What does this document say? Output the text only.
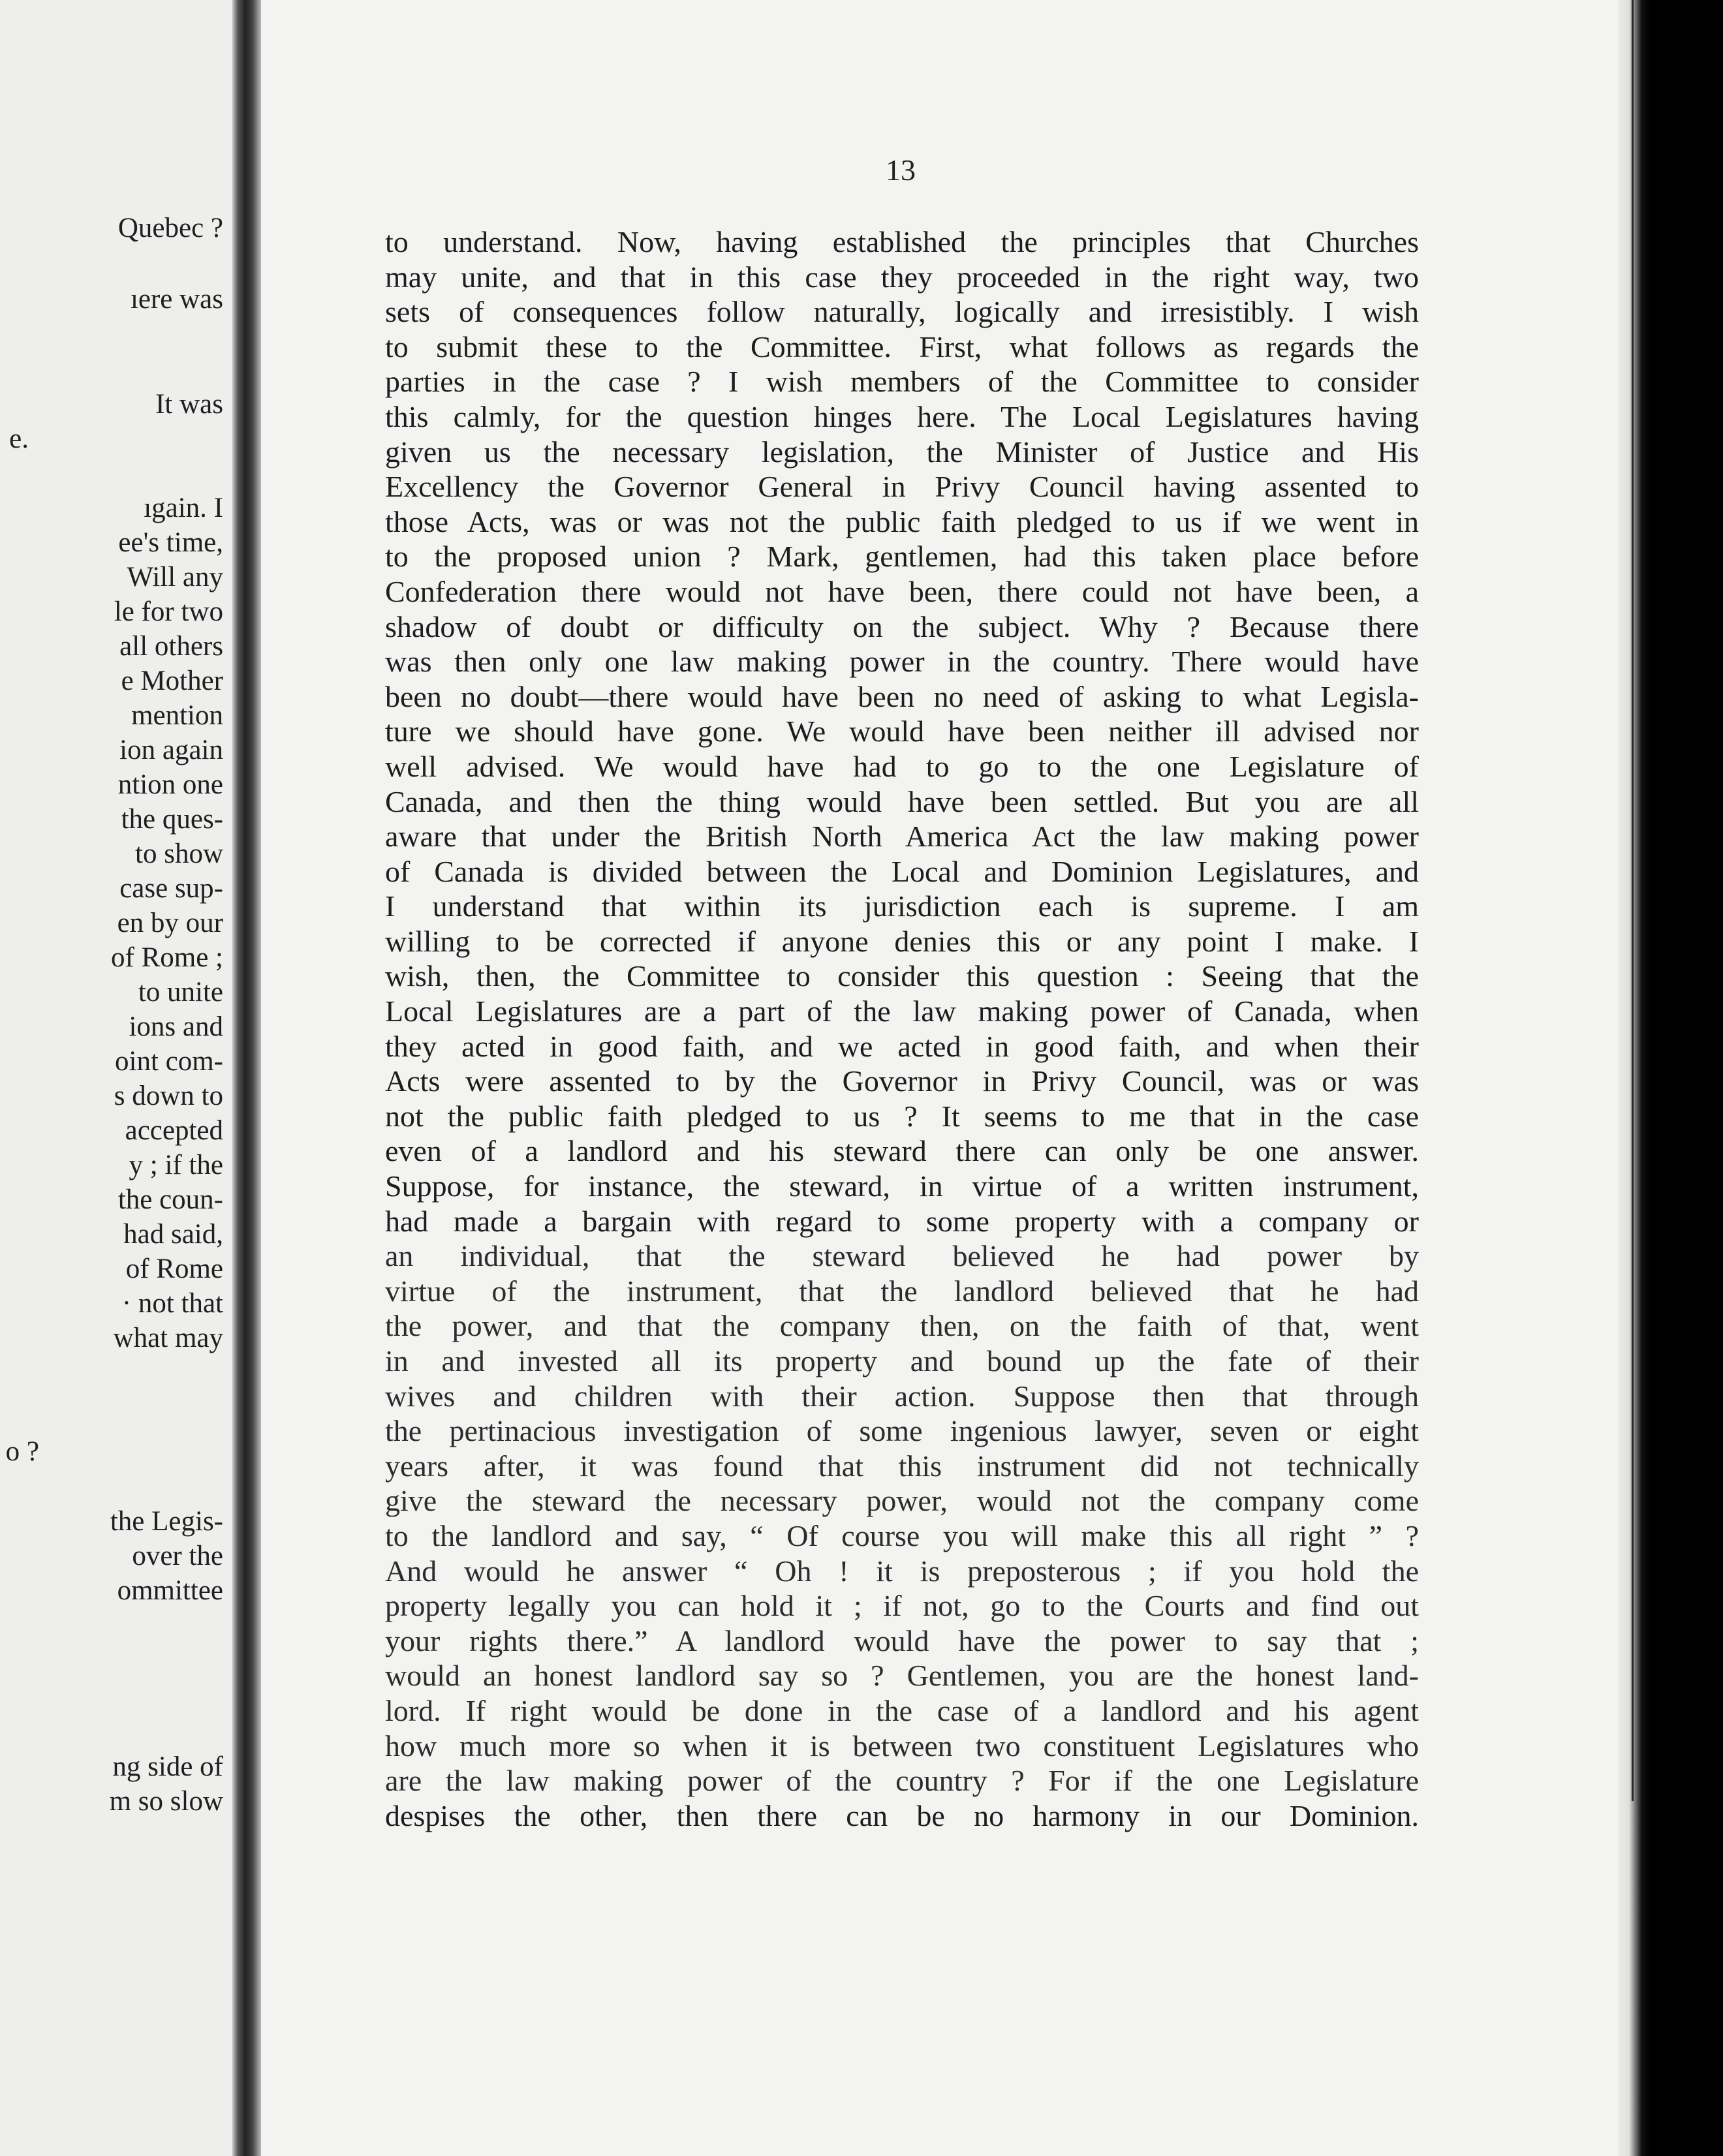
Quebec ?
ıere was
It was
e.
ıgain. I
ee's time,
Will any
le for two
all others
e Mother
mention
ion again
ntion one
the ques-
to show
case sup-
en by our
of Rome ;
to unite
ions and
oint com-
s down to
accepted
y ; if the
the coun-
had said,
of Rome
· not that
what may
o ?
the Legis-
over the
ommittee
ng side of
m so slow
13
to understand. Now, having established the principles that Churches
may unite, and that in this case they proceeded in the right way, two
sets of consequences follow naturally, logically and irresistibly. I wish
to submit these to the Committee. First, what follows as regards the
parties in the case ? I wish members of the Committee to consider
this calmly, for the question hinges here. The Local Legislatures having
given us the necessary legislation, the Minister of Justice and His
Excellency the Governor General in Privy Council having assented to
those Acts, was or was not the public faith pledged to us if we went in
to the proposed union ? Mark, gentlemen, had this taken place before
Confederation there would not have been, there could not have been, a
shadow of doubt or difficulty on the subject. Why ? Because there
was then only one law making power in the country. There would have
been no doubt—there would have been no need of asking to what Legisla-
ture we should have gone. We would have been neither ill advised nor
well advised. We would have had to go to the one Legislature of
Canada, and then the thing would have been settled. But you are all
aware that under the British North America Act the law making power
of Canada is divided between the Local and Dominion Legislatures, and
I understand that within its jurisdiction each is supreme. I am
willing to be corrected if anyone denies this or any point I make. I
wish, then, the Committee to consider this question : Seeing that the
Local Legislatures are a part of the law making power of Canada, when
they acted in good faith, and we acted in good faith, and when their
Acts were assented to by the Governor in Privy Council, was or was
not the public faith pledged to us ? It seems to me that in the case
even of a landlord and his steward there can only be one answer.
Suppose, for instance, the steward, in virtue of a written instrument,
had made a bargain with regard to some property with a company or
an individual, that the steward believed he had power by
virtue of the instrument, that the landlord believed that he had
the power, and that the company then, on the faith of that, went
in and invested all its property and bound up the fate of their
wives and children with their action. Suppose then that through
the pertinacious investigation of some ingenious lawyer, seven or eight
years after, it was found that this instrument did not technically
give the steward the necessary power, would not the company come
to the landlord and say, “ Of course you will make this all right ” ?
And would he answer “ Oh ! it is preposterous ; if you hold the
property legally you can hold it ; if not, go to the Courts and find out
your rights there.” A landlord would have the power to say that ;
would an honest landlord say so ? Gentlemen, you are the honest land-
lord. If right would be done in the case of a landlord and his agent
how much more so when it is between two constituent Legislatures who
are the law making power of the country ? For if the one Legislature
despises the other, then there can be no harmony in our Dominion.
